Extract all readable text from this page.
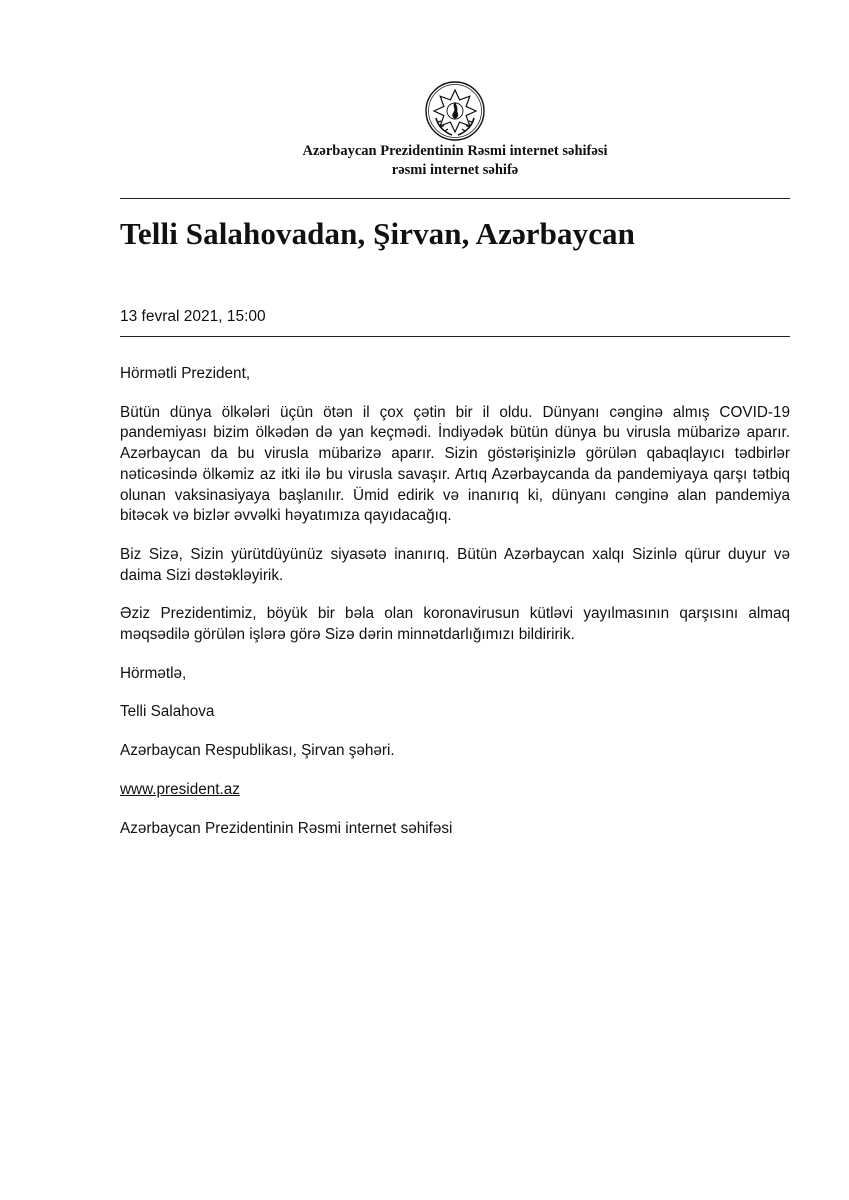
Azərbaycan Prezidentinin Rəsmi internet səhifəsi
rəsmi internet səhifə
Telli Salahovadan, Şirvan, Azərbaycan
13 fevral 2021, 15:00

Hörmətli Prezident,

Bütün dünya ölkələri üçün ötən il çox çətin bir il oldu. Dünyanı cənginə almış COVID-19 pandemiyası bizim ölkədən də yan keçmədi. İndiyədək bütün dünya bu virusla mübarizə aparır. Azərbaycan da bu virusla mübarizə aparır. Sizin göstərişinizlə görülən qabaqlayıcı tədbirlər nəticəsində ölkəmiz az itki ilə bu virusla savaşır. Artıq Azərbaycanda da pandemiyaya qarşı tətbiq olunan vaksinasiyaya başlanılır. Ümid edirik və inanırıq ki, dünyanı cənginə alan pandemiya bitəcək və bizlər əvvəlki həyatımıza qayıdacağıq.

Biz Sizə, Sizin yürütdüyünüz siyasətə inanırıq. Bütün Azərbaycan xalqı Sizinlə qürur duyur və daima Sizi dəstəkləyirik.

Əziz Prezidentimiz, böyük bir bəla olan koronavirusun kütləvi yayılmasının qarşısını almaq məqsədilə görülən işlərə görə Sizə dərin minnətdarlığımızı bildiririk.

Hörmətlə,

Telli Salahova

Azərbaycan Respublikası, Şirvan şəhəri.

www.president.az

Azərbaycan Prezidentinin Rəsmi internet səhifəsi
